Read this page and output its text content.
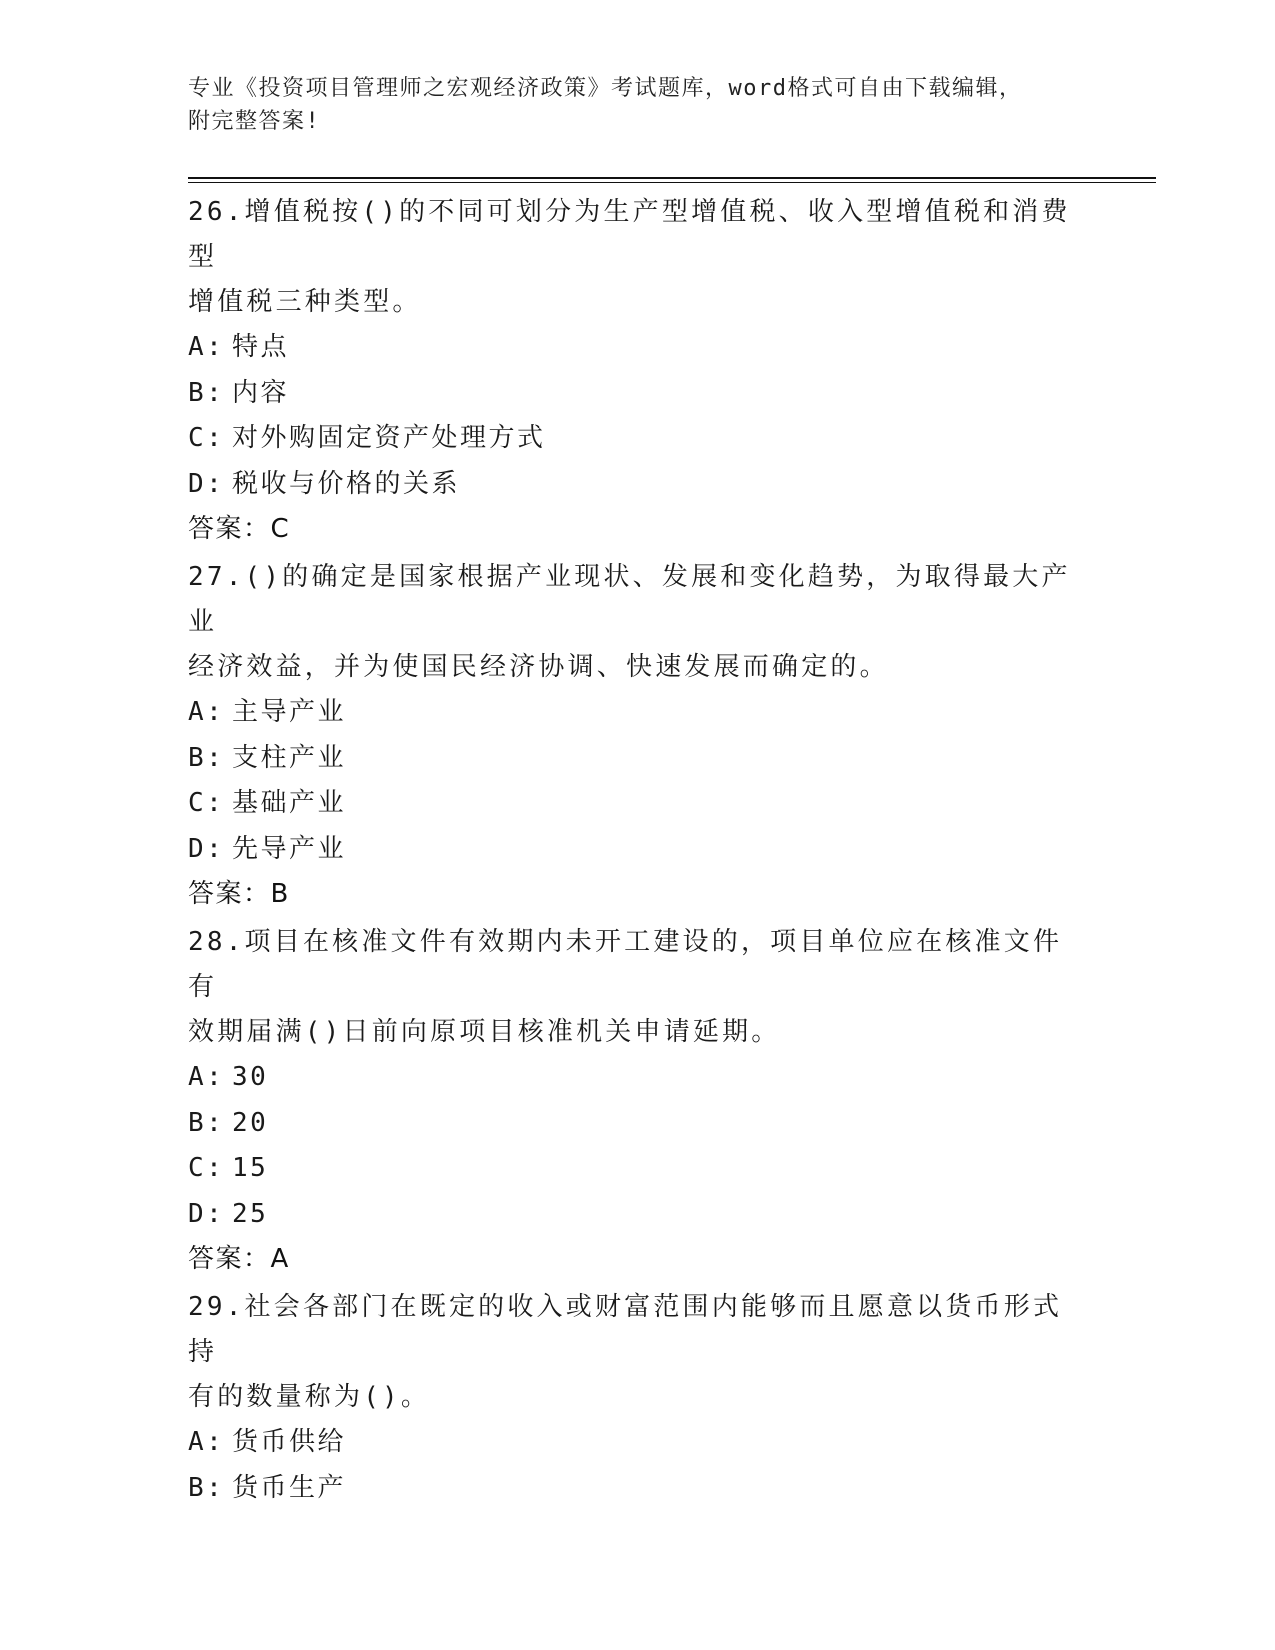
专业《投资项目管理师之宏观经济政策》考试题库，word格式可自由下载编辑，
附完整答案!

26.增值税按()的不同可划分为生产型增值税、收入型增值税和消费型

增值税三种类型。

A: 特点

B: 内容

C: 对外购固定资产处理方式

D: 税收与价格的关系

答案：C

27.()的确定是国家根据产业现状、发展和变化趋势，为取得最大产业

经济效益，并为使国民经济协调、快速发展而确定的。

A: 主导产业

B: 支柱产业

C: 基础产业

D: 先导产业

答案：B

28.项目在核准文件有效期内未开工建设的，项目单位应在核准文件有

效期届满()日前向原项目核准机关申请延期。

A: 30

B: 20

C: 15

D: 25

答案：A

29.社会各部门在既定的收入或财富范围内能够而且愿意以货币形式持

有的数量称为()。

A: 货币供给

B: 货币生产
